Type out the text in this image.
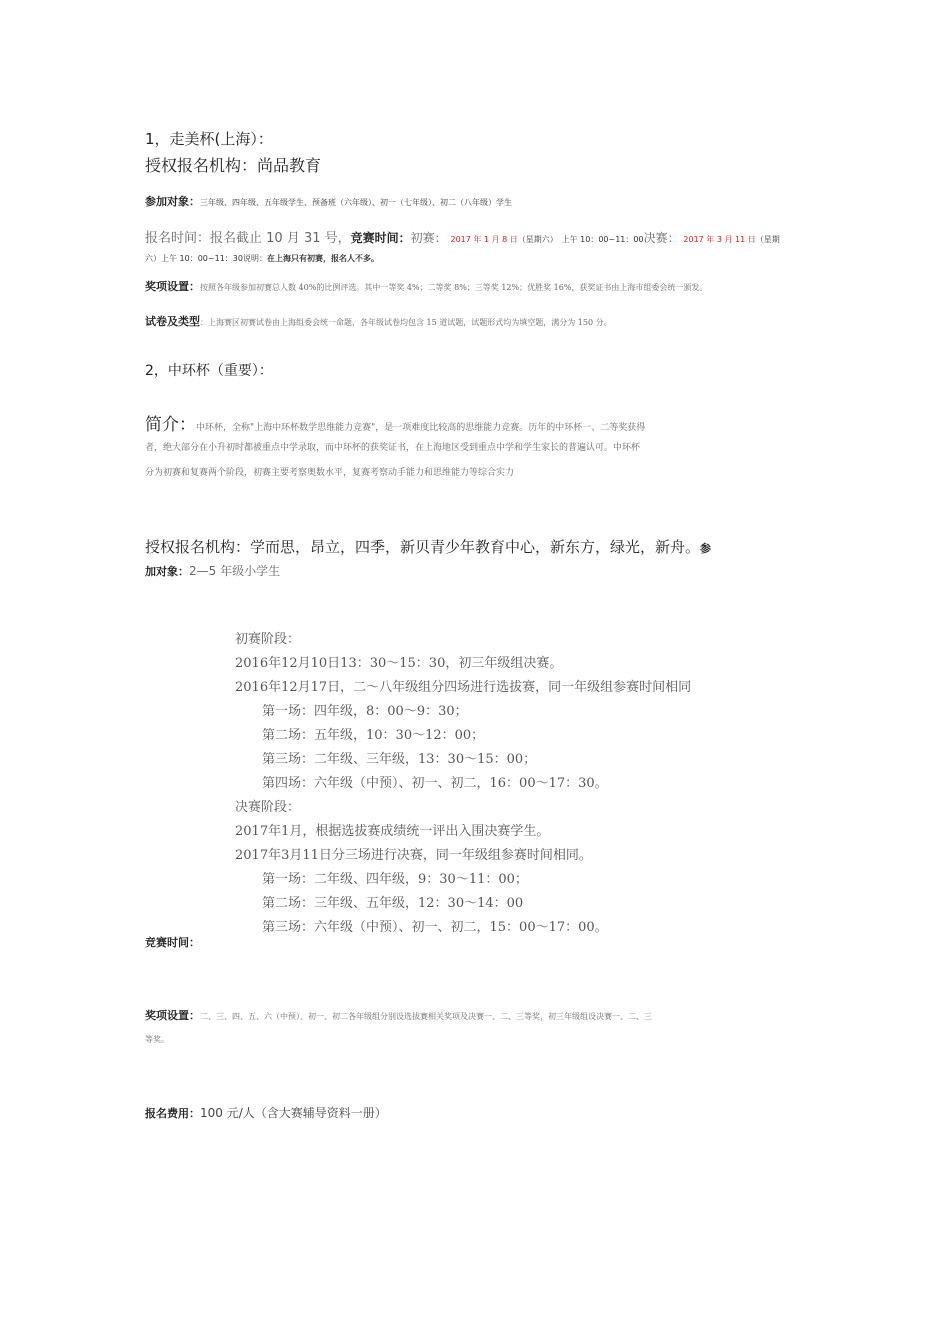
1，走美杯(上海）：
授权报名机构：尚品教育
参加对象：三年级、四年级、五年级学生、预备班（六年级）、初一（七年级）、初二（八年级）学生
报名时间：报名截止 10 月 31 号，竞赛时间：初赛： 2017 年 1 月 8 日（星期六） 上午 10：00~11：00决赛： 2017 年 3 月 11 日（星期
六）上午 10：00~11：30说明：在上海只有初赛，报名人不多。
奖项设置：按照各年级参加初赛总人数 40%的比例评选。其中一等奖 4%；二等奖 8%；三等奖 12%；优胜奖 16%，获奖证书由上海市组委会统一颁发。
试卷及类型：上海赛区初赛试卷由上海组委会统一命题，各年级试卷均包含 15 道试题，试题形式均为填空题，满分为 150 分。
2，中环杯（重要）：
简介：中环杯，全称"上海中环杯数学思维能力竞赛"，是一项难度比较高的思维能力竞赛。历年的中环杯一、二等奖获得
者，绝大部分在小升初时都被重点中学录取，而中环杯的获奖证书，在上海地区受到重点中学和学生家长的普遍认可。中环杯
分为初赛和复赛两个阶段，初赛主要考察奥数水平，复赛考察动手能力和思维能力等综合实力
授权报名机构：学而思，昂立，四季，新贝青少年教育中心，新东方，绿光，新舟。参
加对象：2—5 年级小学生
初赛阶段：
2016年12月10日13：30～15：30，初三年级组决赛。
2016年12月17日，二～八年级组分四场进行选拔赛，同一年级组参赛时间相同
第一场：四年级，8：00～9：30；
第二场：五年级，10：30～12：00；
第三场：二年级、三年级，13：30～15：00；
第四场：六年级（中预）、初一、初二，16：00～17：30。
决赛阶段：
2017年1月，根据选拔赛成绩统一评出入围决赛学生。
2017年3月11日分三场进行决赛，同一年级组参赛时间相同。
第一场：二年级、四年级，9：30～11：00；
第二场：三年级、五年级，12：30～14：00
第三场：六年级（中预）、初一、初二，15：00～17：00。
竞赛时间：
奖项设置：二、三、四、五、六（中预）、初一、初二各年级组分别设选拔赛相关奖项及决赛一、二、三等奖，初三年级组设决赛一、二、三
等奖。
报名费用：100 元/人（含大赛辅导资料一册）
